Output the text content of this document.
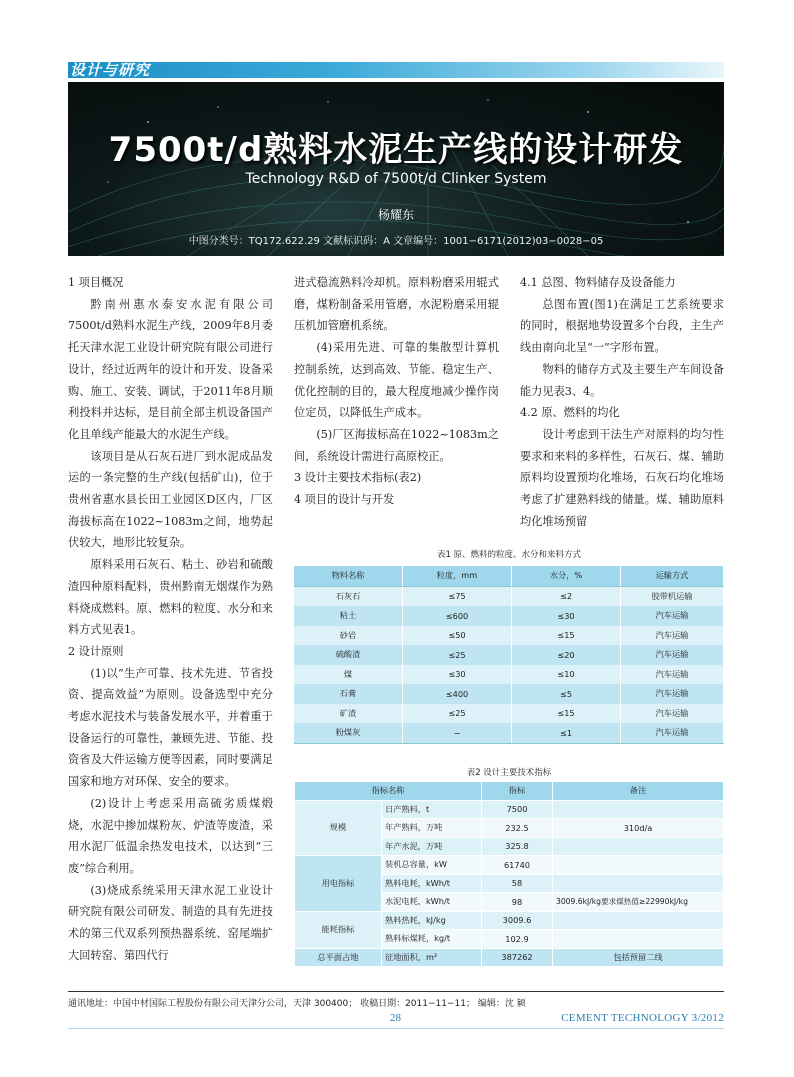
设计与研究
7500t/d熟料水泥生产线的设计研发
Technology R&D of 7500t/d Clinker System
杨耀东
中图分类号：TQ172.622.29 文献标识码：A 文章编号：1001−6171(2012)03−0028−05

1 项目概况

黔南州惠水泰安水泥有限公司7500t/d熟料水泥生产线，2009年8月委托天津水泥工业设计研究院有限公司进行设计，经过近两年的设计和开发、设备采购、施工、安装、调试，于2011年8月顺利投料并达标，是目前全部主机设备国产化且单线产能最大的水泥生产线。

该项目是从石灰石进厂到水泥成品发运的一条完整的生产线(包括矿山)，位于贵州省惠水县长田工业园区D区内，厂区海拔标高在1022~1083m之间，地势起伏较大，地形比较复杂。

原料采用石灰石、粘土、砂岩和硫酸渣四种原料配料，贵州黔南无烟煤作为熟料烧成燃料。原、燃料的粒度、水分和来料方式见表1。

2 设计原则

(1)以“生产可靠、技术先进、节省投资、提高效益”为原则。设备选型中充分考虑水泥技术与装备发展水平，并着重于设备运行的可靠性，兼顾先进、节能、投资省及大件运输方便等因素，同时要满足国家和地方对环保、安全的要求。

(2)设计上考虑采用高硫劣质煤煅烧，水泥中掺加煤粉灰、炉渣等废渣，采用水泥厂低温余热发电技术，以达到“三废”综合利用。

(3)烧成系统采用天津水泥工业设计研究院有限公司研发、制造的具有先进技术的第三代双系列预热器系统、窑尾端扩大回转窑、第四代行

进式稳流熟料冷却机。原料粉磨采用辊式磨，煤粉制备采用管磨，水泥粉磨采用辊压机加管磨机系统。

(4)采用先进、可靠的集散型计算机控制系统，达到高效、节能、稳定生产、优化控制的目的，最大程度地减少操作岗位定员，以降低生产成本。

(5)厂区海拔标高在1022~1083m之间，系统设计需进行高原校正。

3 设计主要技术指标(表2)

4 项目的设计与开发

4.1 总图、物料储存及设备能力

总图布置(图1)在满足工艺系统要求的同时，根据地势设置多个台段，主生产线由南向北呈“一”字形布置。

物料的储存方式及主要生产车间设备能力见表3、4。

4.2 原、燃料的均化

设计考虑到干法生产对原料的均匀性要求和来料的多样性，石灰石、煤、辅助原料均设置预均化堆场，石灰石均化堆场考虑了扩建熟料线的储量。煤、辅助原料均化堆场预留

表1 原、燃料的粒度、水分和来料方式
物料名称	粒度，mm	水分，%	运输方式
石灰石	≤75	≤2	胶带机运输
粘土	≤600	≤30	汽车运输
砂岩	≤50	≤15	汽车运输
硫酸渣	≤25	≤20	汽车运输
煤	≤30	≤10	汽车运输
石膏	≤400	≤5	汽车运输
矿渣	≤25	≤15	汽车运输
粉煤灰	−	≤1	汽车运输
表2 设计主要技术指标
指标名称		指标	备注
规模	日产熟料，t	7500	
	年产熟料，万吨	232.5	310d/a
	年产水泥，万吨	325.8	
用电指标	装机总容量，kW	61740	
	熟料电耗，kWh/t	58	
	水泥电耗，kWh/t	98	3009.6kJ/kg要求煤热值≥22990kJ/kg
能耗指标	熟料热耗，kJ/kg	3009.6	
	熟料标煤耗，kg/t	102.9	
总平面占地	征地面积，m²	387262	包括预留二线
通讯地址：中国中材国际工程股份有限公司天津分公司，天津 300400； 收稿日期：2011−11−11； 编辑：沈 颖
28	CEMENT TECHNOLOGY 3/2012
